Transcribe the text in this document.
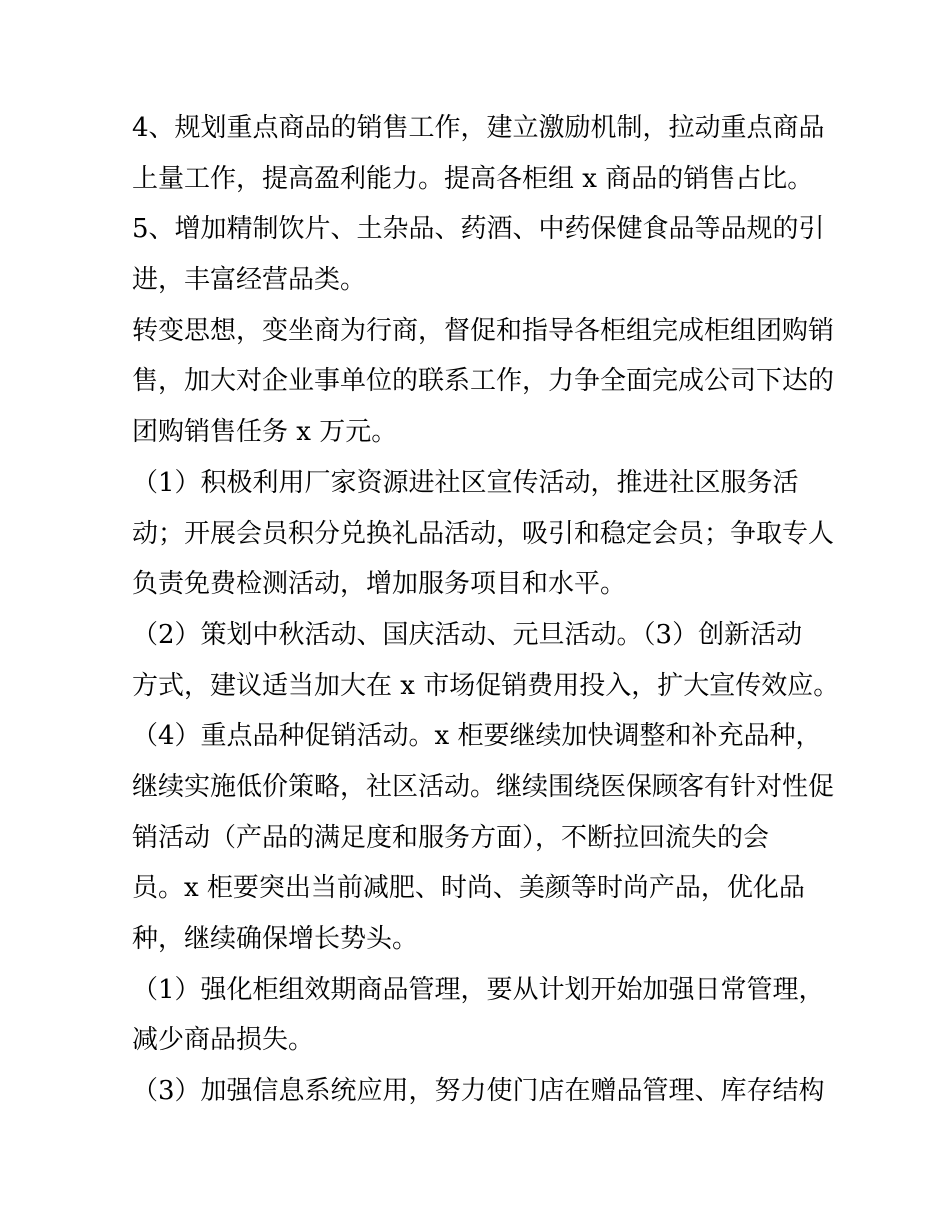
4、规划重点商品的销售工作，建立激励机制，拉动重点商品
上量工作，提高盈利能力。提高各柜组 x 商品的销售占比。
5、增加精制饮片、土杂品、药酒、中药保健食品等品规的引
进，丰富经营品类。
转变思想，变坐商为行商，督促和指导各柜组完成柜组团购销
售，加大对企业事单位的联系工作，力争全面完成公司下达的
团购销售任务 x 万元。
（1）积极利用厂家资源进社区宣传活动，推进社区服务活
动；开展会员积分兑换礼品活动，吸引和稳定会员；争取专人
负责免费检测活动，增加服务项目和水平。
（2）策划中秋活动、国庆活动、元旦活动。（3）创新活动
方式，建议适当加大在 x 市场促销费用投入，扩大宣传效应。
（4）重点品种促销活动。x 柜要继续加快调整和补充品种，
继续实施低价策略，社区活动。继续围绕医保顾客有针对性促
销活动（产品的满足度和服务方面），不断拉回流失的会
员。x 柜要突出当前减肥、时尚、美颜等时尚产品，优化品
种，继续确保增长势头。
（1）强化柜组效期商品管理，要从计划开始加强日常管理，
减少商品损失。
（3）加强信息系统应用，努力使门店在赠品管理、库存结构
